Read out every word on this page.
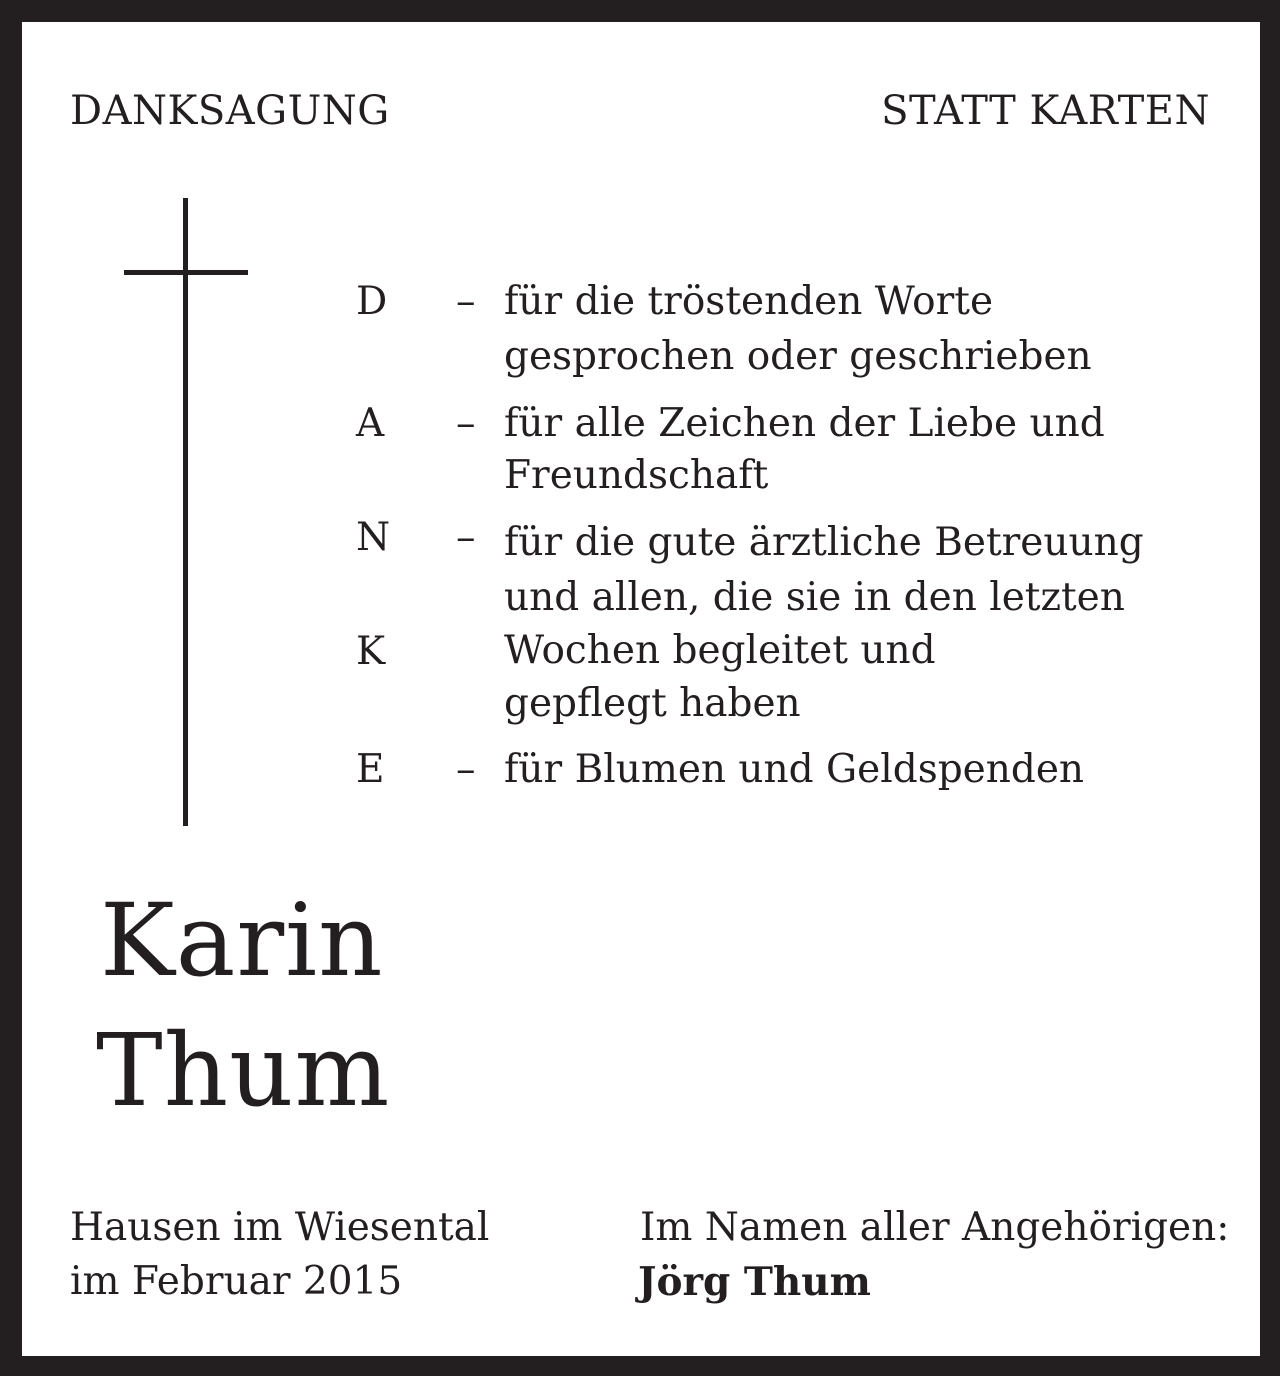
DANKSAGUNG	STATT KARTEN
D
A
N
K
E
–
–
–
–
für die tröstenden Worte
gesprochen oder geschrieben
für alle Zeichen der Liebe und
Freundschaft
für die gute ärztliche Betreuung
und allen, die sie in den letzten
Wochen begleitet und
gepflegt haben
für Blumen und Geldspenden
Karin
Thum
Hausen im Wiesental
im Februar 2015
Im Namen aller Angehörigen:
Jörg Thum
